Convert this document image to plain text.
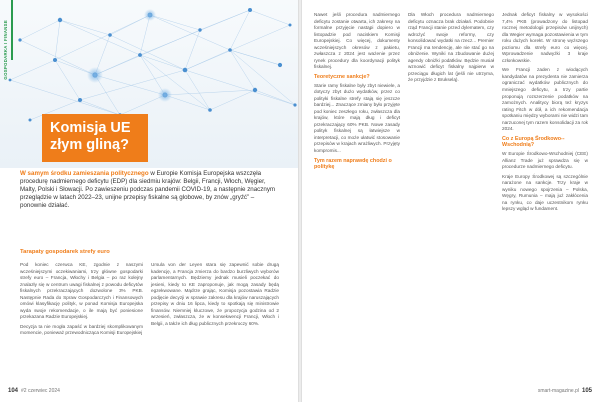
GOSPODARKA I FINANSE
Komisja UE
złym gliną?
W samym środku zamieszania politycznego w Europie Komisja Europejska wszczęła procedurę nadmiernego deficytu (EDP) dla siedmiu krajów: Belgii, Francji, Włoch, Węgier, Malty, Polski i Słowacji. Po zawieszeniu podczas pandemii COVID-19, a następnie znacznym przeglądzie w latach 2022–23, unijne przepisy fiskalne są globowe, by znów „gryźć” – ponownie działać.
Tarapaty gospodarek strefy euro

Pod koniec czerwca KE, zgodnie z naszymi wcześniejszymi oczekiwaniami, trzy główne gospodarki strefy euro – Francja, Włochy i Belgia – po raz kolejny znalazły się w centrum uwagi fiskalnej z powodu deficytów fiskalnych przekraczających dozwolone 3% PKB. Następnie Rada do Spraw Gospodarczych i Finansowych omówi klasyfikację polityk, w ponad Komisja Europejska wyda swoje rekomendacje, o ile mają być poniesione przekazana Radzie Europejskiej.

Decyzja ta nie mogła zapaść w bardziej skomplikowanym momencie, ponieważ przewodnicząca Komisji Europejskiej

Ursula von der Leyen stara się zapewnić sobie drugą kadencję, a Francja zmierza do bardzo burzliwych wyborów parlamentarnych. Będziemy jednak musieli poczekać do jesieni, kiedy to KE zaproponuje, jak mogą zasady będą egzekwowane. Mądrze grając, Komisja pozostawia Radzie podjęcie decyzji w sprawie zakresu dla krajów naruszających przepisy w dniu 16 lipca, kiedy to spotkają się ministrowie finansów. Niemniej kluczowe, że propozycja godzina od 2 wrzesień, zwłaszcza, że w konsekwencji Francji, Włoch i Belgii, a także ich dług publicznych przekroczy 60%.

104 #2 czerwiec 2024

Nawet jeśli procedura nadmiernego deficytu zostanie otwarta, ich zakresy na formalne przyjęcie nastąpi dopiero w listopadzie pod naciskiem Komisji Europejskiej. Co więcej, dokumenty wcześniejszych okresów z pakietu, zwłaszcza z 2024 jest ważenie przez rynek procedury dla koordynacji polityk fiskalnej.

Teoretyczne sankcje?

Starie ramy fiskalne były zbyt niewiele, a dotyczy zbyt dużo wydatków, przez co polityki fiskalne strefy stają się jeszcze bardziej... Znaczące zmiany było przyjęte pod koniec zeszłego roku, zwłaszcza dla krajów, które mają dług i deficyt przekraczający 60% PKB. Nowe zasady polityk fiskalnej są łatwiejsze w interpretacji, co może ułatwić stosowanie przepisów w krajach wrażliwych. Przyjęty kompromis...

Tym razem naprawdę chodzi o politykę

Dla Włoch procedura nadmiernego deficytu oznacza brak działań. Podobnie rząd Francji stanie przed dylematem, czy wdrożyć swoje reformy, czy konsolidować wydatki na rzecz... Premier Francji ma tendencję, ale nie stać go na obniżenie. Wyniki na zbudowanie dużej agendy obniżki podatków. Będzie musiał wznowić deficyt fiskalny najpierw w przeciągu długich lat (jeśli nie utrzyma, że przyjdzie z Brukselą).

Jednak deficyt fiskalny w wysokości 7,4% PKB (prowadzony do listopad rocznej metodologii przepisów unijnych) dla Wegier wymaga pozostawienia w tym roku dużych korekt. W stronę wyższego poziomu dla strefy euro co więcej. Wprowadzenie nadwyżki 3 kraje członkowskie.

We Francji zaden z wiodących kandydatów na prezydenta nie zamierza ograniczać wydatków publicznych do mniejszego deficytu, a trzy partie proponują rozszerzenie podatków na zamożnych. Analitycy biorą też kryzys rating Fitch w dół, a ich rekomendacja spotkaniu między wyborami nie widzi tam narzuconej tym razem konsolidacji za rok 2024.

Co z Europą Środkowo--Wschodnią?

W Europie Środkowo-Wschodniej (CEE) Allianz Trade już sprawdza się w procedurze nadmiernego deficytu.

Kraje Europy Środkowej są szczególnie narażone na sankcje. Trzy kraje w wyniku nowego spojrzenia – Polska, Węgry, Rumunia – mają już zakłócenia na rynku, co daje uczestnikom rynku lepszy wgląd w fundament.

smart-magazine.pl 105
